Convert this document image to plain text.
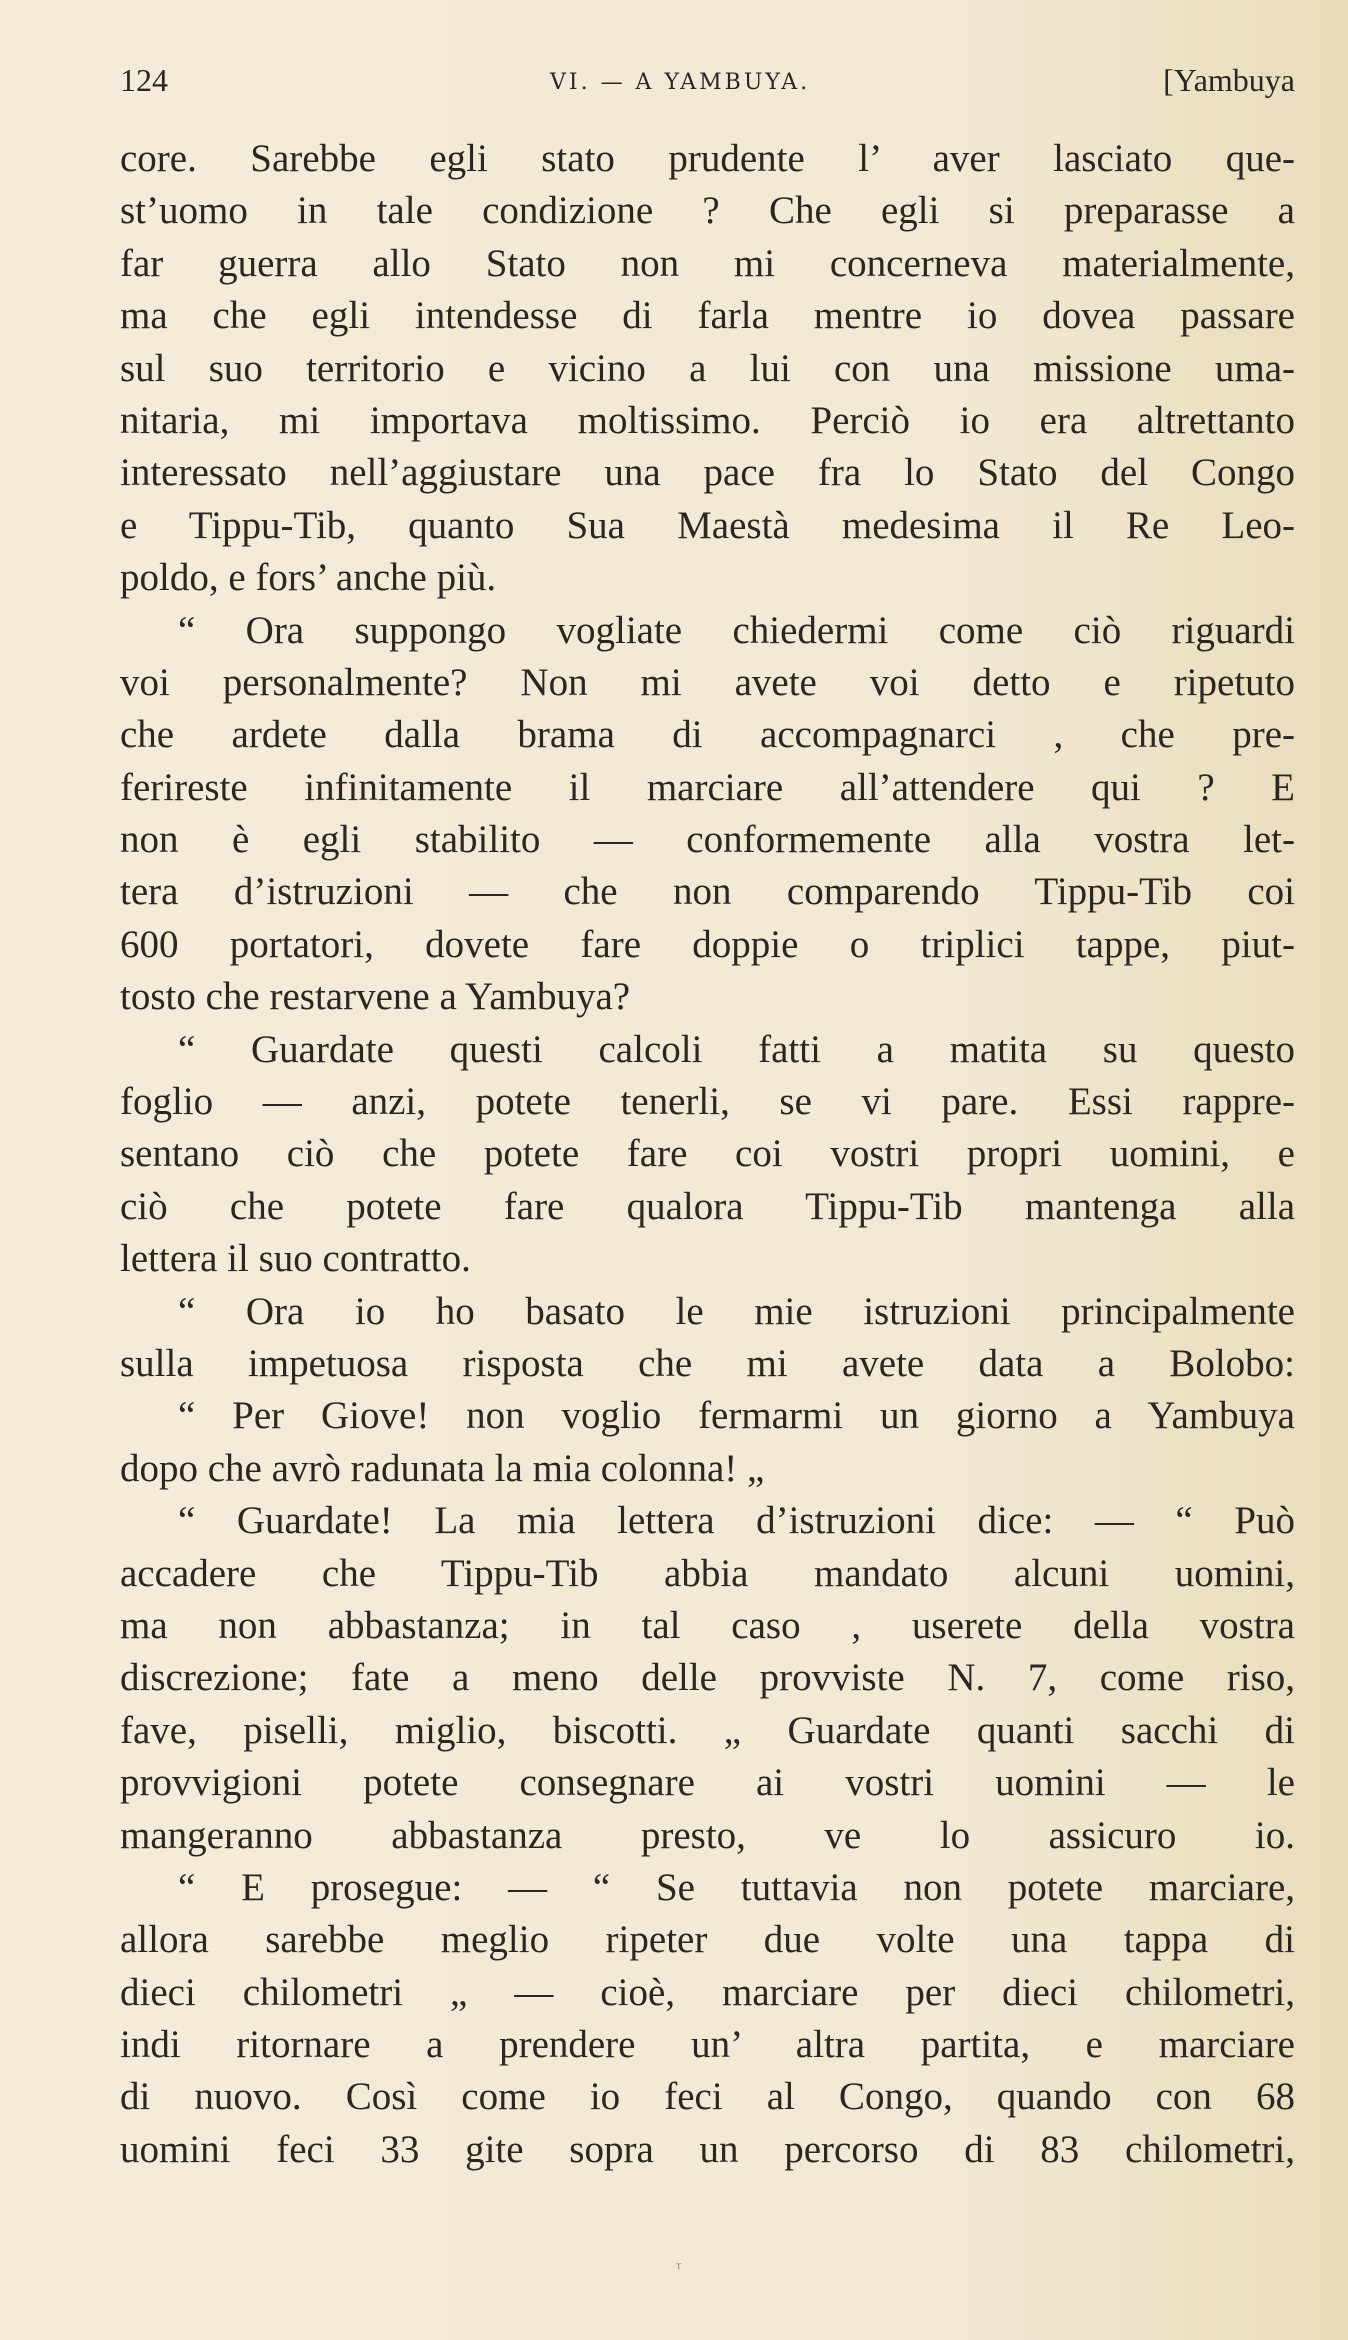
124	VI. — A YAMBUYA.	[Yambuya
core. Sarebbe egli stato prudente l’ aver lasciato que-
st’uomo in tale condizione ? Che egli si preparasse a
far guerra allo Stato non mi concerneva materialmente,
ma che egli intendesse di farla mentre io dovea passare
sul suo territorio e vicino a lui con una missione uma-
nitaria, mi importava moltissimo. Perciò io era altrettanto
interessato nell’aggiustare una pace fra lo Stato del Congo
e Tippu-Tib, quanto Sua Maestà medesima il Re Leo-
poldo, e fors’ anche più.
“ Ora suppongo vogliate chiedermi come ciò riguardi
voi personalmente? Non mi avete voi detto e ripetuto
che ardete dalla brama di accompagnarci , che pre-
ferireste infinitamente il marciare all’attendere qui ? E
non è egli stabilito — conformemente alla vostra let-
tera d’istruzioni — che non comparendo Tippu-Tib coi
600 portatori, dovete fare doppie o triplici tappe, piut-
tosto che restarvene a Yambuya?
“ Guardate questi calcoli fatti a matita su questo
foglio — anzi, potete tenerli, se vi pare. Essi rappre-
sentano ciò che potete fare coi vostri propri uomini, e
ciò che potete fare qualora Tippu-Tib mantenga alla
lettera il suo contratto.
“ Ora io ho basato le mie istruzioni principalmente
sulla impetuosa risposta che mi avete data a Bolobo:
“ Per Giove! non voglio fermarmi un giorno a Yambuya
dopo che avrò radunata la mia colonna! „
“ Guardate! La mia lettera d’istruzioni dice: — “ Può
accadere che Tippu-Tib abbia mandato alcuni uomini,
ma non abbastanza; in tal caso , userete della vostra
discrezione; fate a meno delle provviste N. 7, come riso,
fave, piselli, miglio, biscotti. „ Guardate quanti sacchi di
provvigioni potete consegnare ai vostri uomini — le
mangeranno abbastanza presto, ve lo assicuro io.
“ E prosegue: — “ Se tuttavia non potete marciare,
allora sarebbe meglio ripeter due volte una tappa di
dieci chilometri „ — cioè, marciare per dieci chilometri,
indi ritornare a prendere un’ altra partita, e marciare
di nuovo. Così come io feci al Congo, quando con 68
uomini feci 33 gite sopra un percorso di 83 chilometri,
ᵀ
